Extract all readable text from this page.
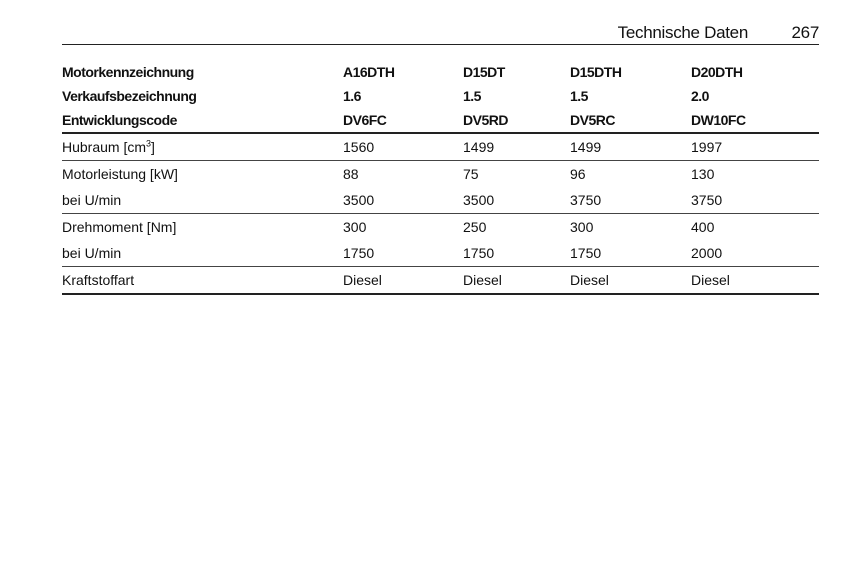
Technische Daten	267
Motorkennzeichnung	A16DTH	D15DT	D15DTH	D20DTH
Verkaufsbezeichnung	1.6	1.5	1.5	2.0
Entwicklungscode	DV6FC	DV5RD	DV5RC	DW10FC
Hubraum $[cm^3]$	1560	1499	1499	1997
Motorleistung [kW]	88	75	96	130
bei U/min	3500	3500	3750	3750
Drehmoment [Nm]	300	250	300	400
bei U/min	1750	1750	1750	2000
Kraftstoffart	Diesel	Diesel	Diesel	Diesel
